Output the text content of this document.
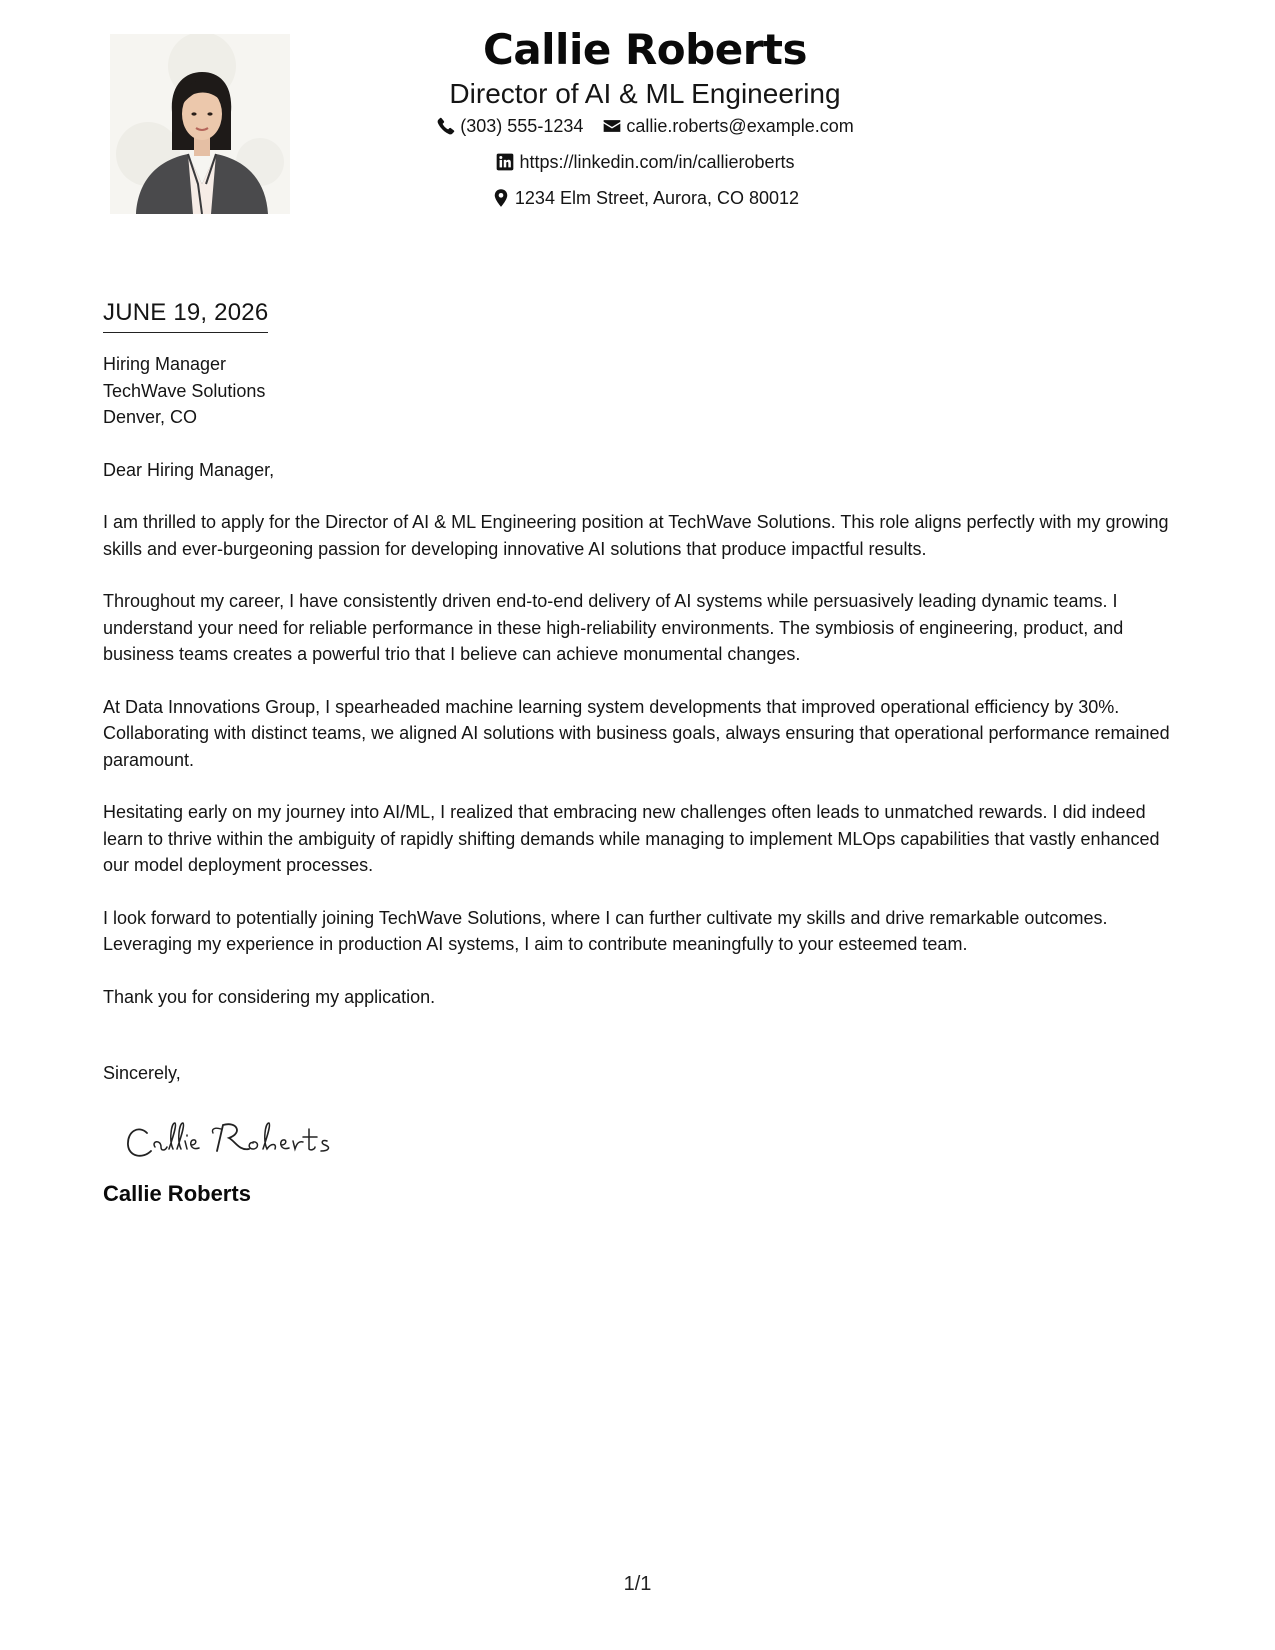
Callie Roberts
Director of AI & ML Engineering
(303) 555-1234
callie.roberts@example.com
https://linkedin.com/in/callieroberts
1234 Elm Street, Aurora, CO 80012
JUNE 19, 2026
Hiring Manager
TechWave Solutions
Denver, CO
Dear Hiring Manager,

I am thrilled to apply for the Director of AI & ML Engineering position at TechWave Solutions. This role aligns perfectly with my growing skills and ever-burgeoning passion for developing innovative AI solutions that produce impactful results.

Throughout my career, I have consistently driven end-to-end delivery of AI systems while persuasively leading dynamic teams. I understand your need for reliable performance in these high-reliability environments. The symbiosis of engineering, product, and business teams creates a powerful trio that I believe can achieve monumental changes.

At Data Innovations Group, I spearheaded machine learning system developments that improved operational efficiency by 30%. Collaborating with distinct teams, we aligned AI solutions with business goals, always ensuring that operational performance remained paramount.

Hesitating early on my journey into AI/ML, I realized that embracing new challenges often leads to unmatched rewards. I did indeed learn to thrive within the ambiguity of rapidly shifting demands while managing to implement MLOps capabilities that vastly enhanced our model deployment processes.

I look forward to potentially joining TechWave Solutions, where I can further cultivate my skills and drive remarkable outcomes. Leveraging my experience in production AI systems, I aim to contribute meaningfully to your esteemed team.

Thank you for considering my application.

Sincerely,
Callie Roberts
1/1
